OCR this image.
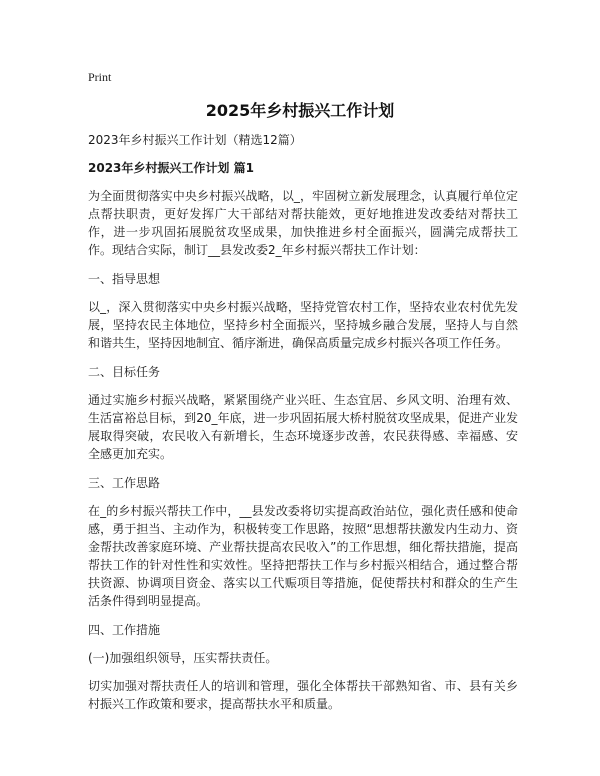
Print
2025年乡村振兴工作计划

2023年乡村振兴工作计划（精选12篇）

2023年乡村振兴工作计划 篇1

为全面贯彻落实中央乡村振兴战略，以_，牢固树立新发展理念，认真履行单位定点帮扶职责，更好发挥广大干部结对帮扶能效，更好地推进发改委结对帮扶工作，进一步巩固拓展脱贫攻坚成果，加快推进乡村全面振兴，圆满完成帮扶工作。现结合实际，制订__县发改委2_年乡村振兴帮扶工作计划：

一、指导思想

以_，深入贯彻落实中央乡村振兴战略，坚持党管农村工作，坚持农业农村优先发展，坚持农民主体地位，坚持乡村全面振兴，坚持城乡融合发展，坚持人与自然和谐共生，坚持因地制宜、循序渐进，确保高质量完成乡村振兴各项工作任务。

二、目标任务

通过实施乡村振兴战略，紧紧围绕产业兴旺、生态宜居、乡风文明、治理有效、生活富裕总目标，到20_年底，进一步巩固拓展大桥村脱贫攻坚成果，促进产业发展取得突破，农民收入有新增长，生态环境逐步改善，农民获得感、幸福感、安全感更加充实。

三、工作思路

在_的乡村振兴帮扶工作中，__县发改委将切实提高政治站位，强化责任感和使命感，勇于担当、主动作为，积极转变工作思路，按照“思想帮扶激发内生动力、资金帮扶改善家庭环境、产业帮扶提高农民收入”的工作思想，细化帮扶措施，提高帮扶工作的针对性性和实效性。坚持把帮扶工作与乡村振兴相结合，通过整合帮扶资源、协调项目资金、落实以工代赈项目等措施，促使帮扶村和群众的生产生活条件得到明显提高。

四、工作措施

(一)加强组织领导，压实帮扶责任。

切实加强对帮扶责任人的培训和管理，强化全体帮扶干部熟知省、市、县有关乡村振兴工作政策和要求，提高帮扶水平和质量。
